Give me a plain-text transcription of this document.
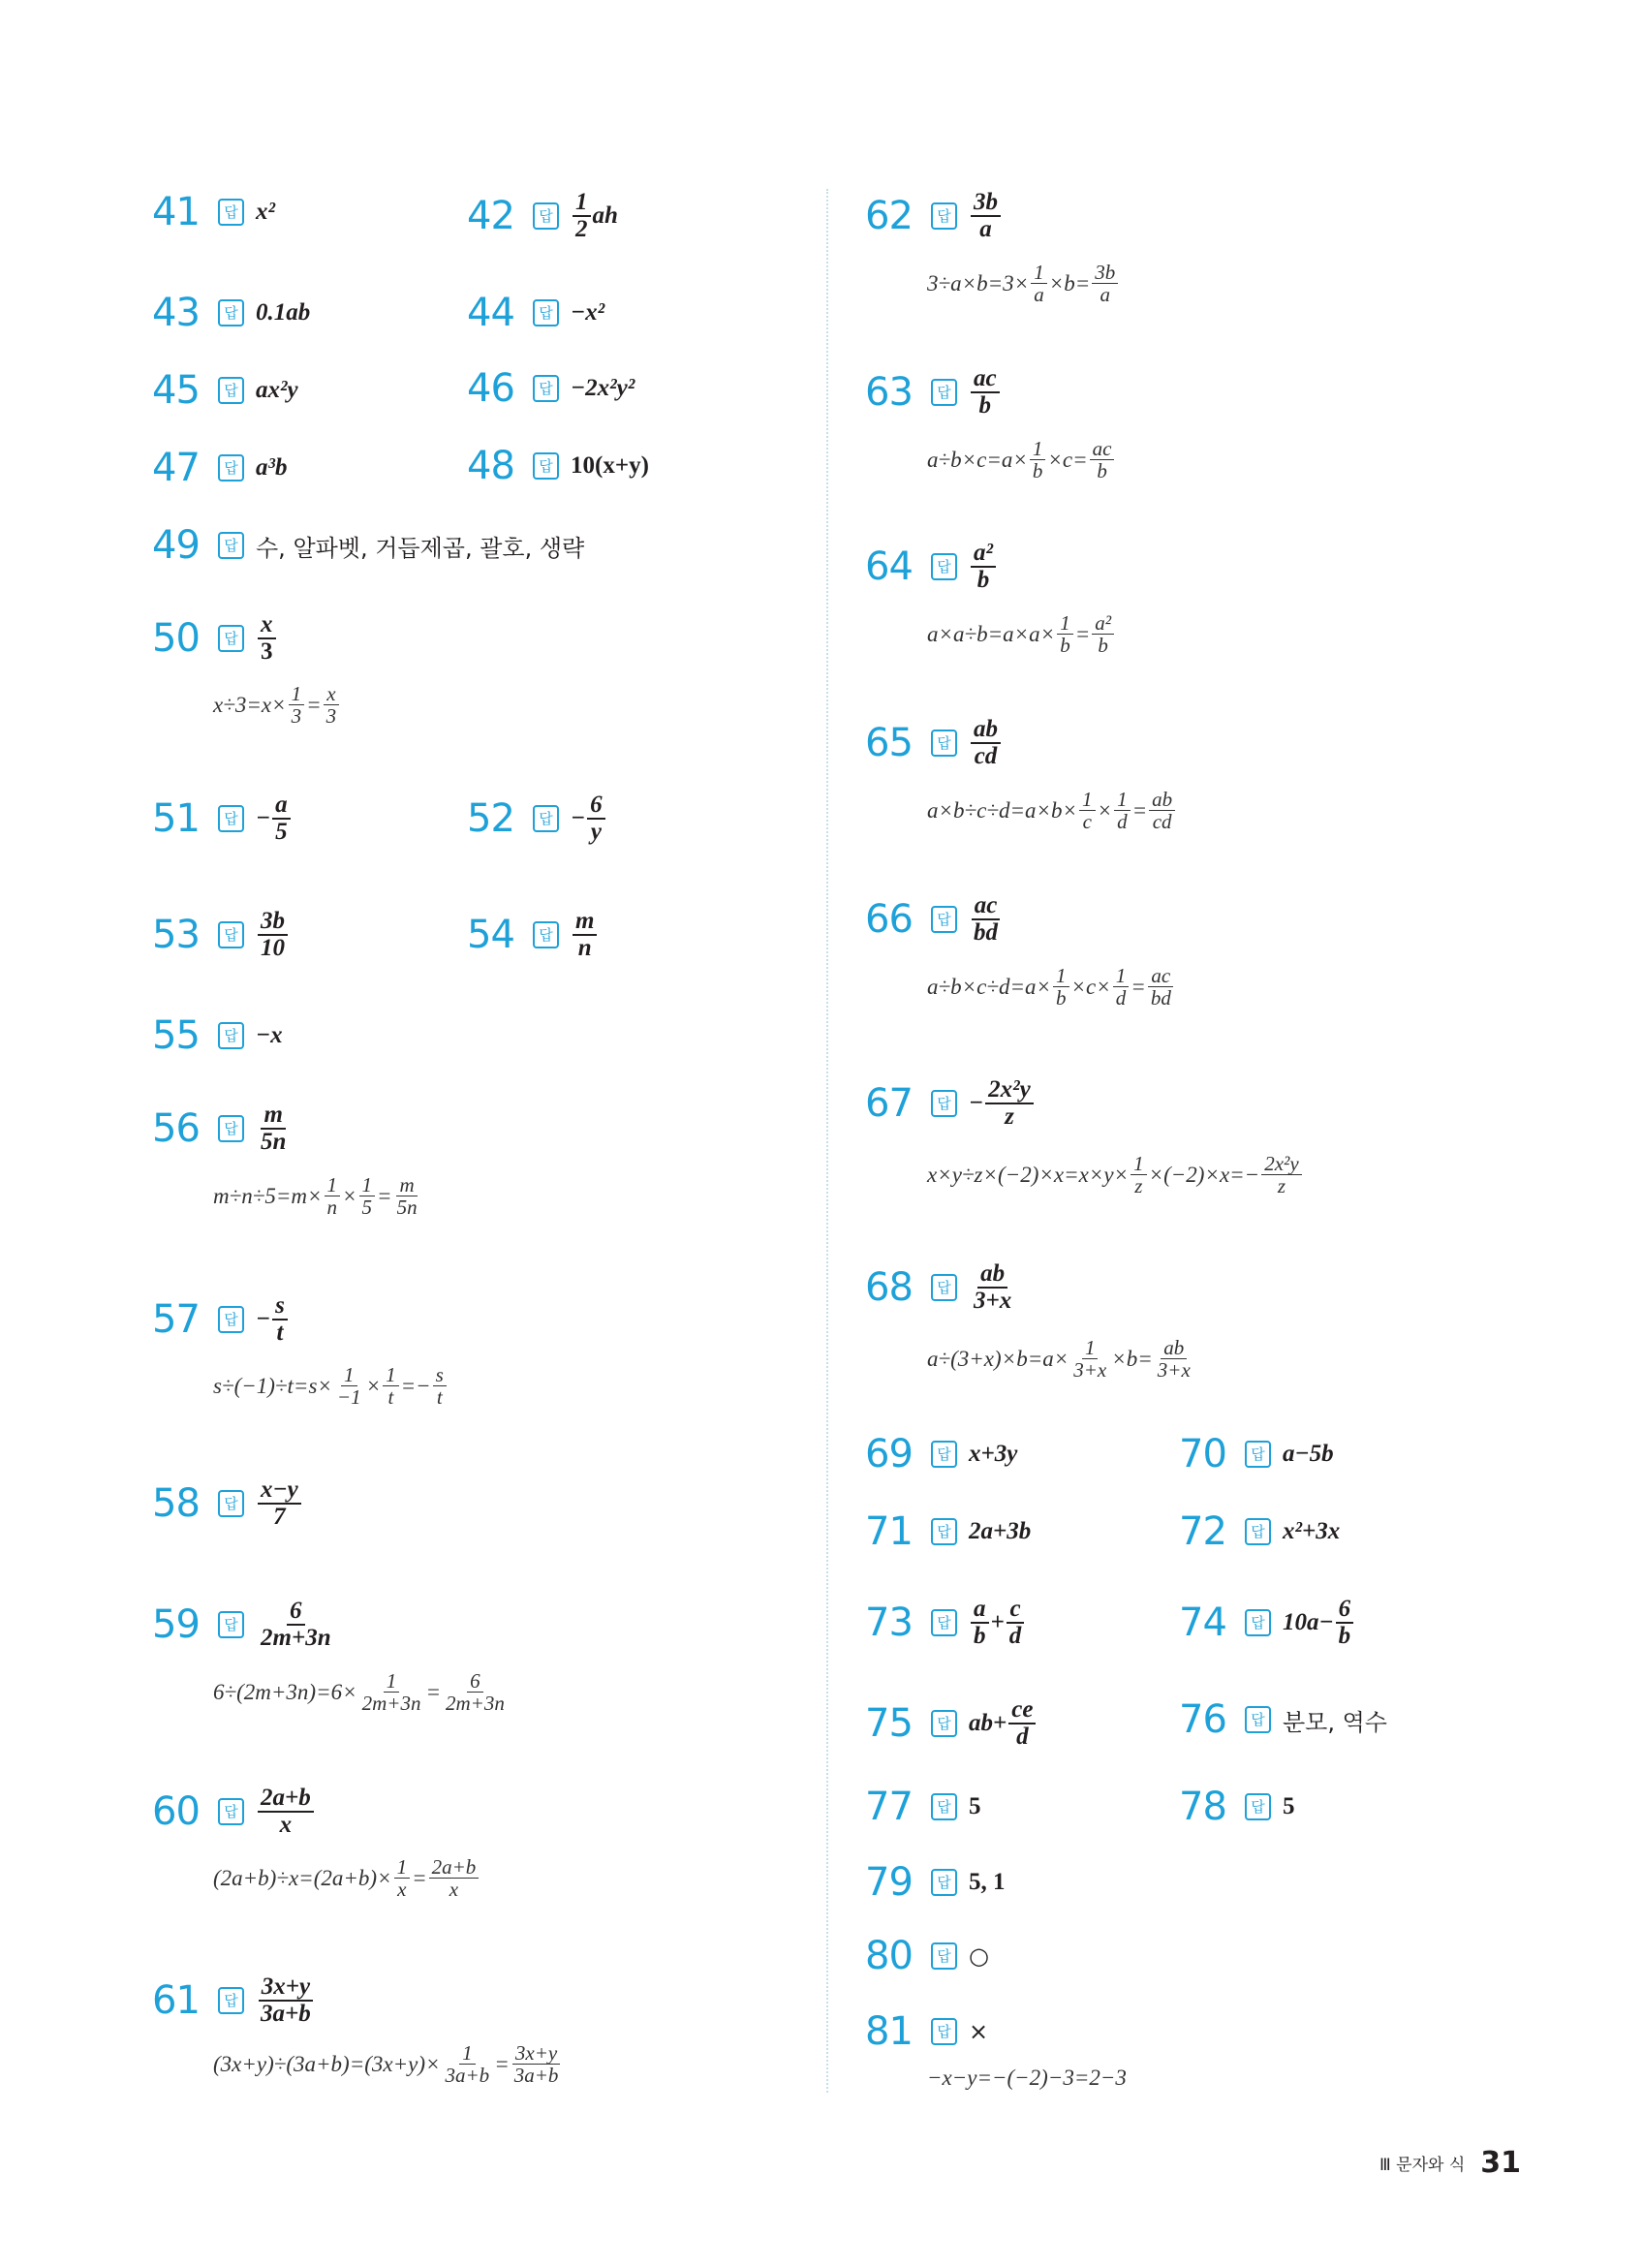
41	답 x²	42	답 $\frac{1}{2}$ ah
43	답 0.1ab	44	답 −x²
45	답 ax²y	46	답 −2x²y²
47	답 a³b	48	답 10(x+y)
49	답 수, 알파벳, 거듭제곱, 괄호, 생략
50	답 $\frac{x}{3}$
$x\div 3=x\times \frac{1}{3} = \frac{x}{3}$
51	답 − $\frac{a}{5}$	52	답 − $\frac{6}{y}$
53	답 $\frac{3b}{10}$	54	답 $\frac{m}{n}$
55	답 −x
56	답 $\frac{m}{5n}$
$m\div n\div 5=m\times \frac{1}{n} \times \frac{1}{5} = \frac{m}{5n}$
57	답 − $\frac{s}{t}$
$s\div(-1)\div t=s\times \frac{1}{-1} \times \frac{1}{t} =- \frac{s}{t}$
58	답 $\frac{x-y}{7}$
59	답 $\frac{6}{2m+3n}$
$6\div(2m+3n)=6\times \frac{1}{2m+3n} = \frac{6}{2m+3n}$
60	답 $\frac{2a+b}{x}$
$(2a+b)\div x=(2a+b)\times \frac{1}{x} = \frac{2a+b}{x}$
61	답 $\frac{3x+y}{3a+b}$
$(3x+y)\div(3a+b)=(3x+y)\times \frac{1}{3a+b} = \frac{3x+y}{3a+b}$
62	답 $\frac{3b}{a}$
$3\div a\times b=3\times \frac{1}{a} \times b= \frac{3b}{a}$
63	답 $\frac{ac}{b}$
$a\div b\times c=a\times \frac{1}{b} \times c= \frac{ac}{b}$
64	답 $\frac{\text{a²}}{b}$
$a\times a\div b=a\times a\times \frac{1}{b} = \frac{\text{a²}}{b}$
65	답 $\frac{ab}{cd}$
$a\times b\div c\div d=a\times b\times \frac{1}{c} \times \frac{1}{d} = \frac{ab}{cd}$
66	답 $\frac{ac}{bd}$
$a\div b\times c\div d=a\times \frac{1}{b} \times c\times \frac{1}{d} = \frac{ac}{bd}$
67	답 − $\frac{\text{2x²y}}{z}$
$x\times y\div z\times(-2)\times x=x\times y\times \frac{1}{z} \times(-2)\times x=- \frac{\text{2x²y}}{z}$
68	답 $\frac{ab}{3+x}$
$a\div(3+x)\times b=a\times \frac{1}{3+x} \times b= \frac{ab}{3+x}$
69	답 x+3y	70	답 a−5b
71	답 2a+3b	72	답 x²+3x
73	답 $\frac{a}{b} + \frac{c}{d}$	74	답 $10a- \frac{6}{b}$
75	답 $ab+ \frac{ce}{d}$	76	답 분모, 역수
77	답 5	78	답 5
79	답 5, 1
80	답 ○
81	답 ×
−x−y=−(−2)−3=2−3
Ⅲ 문자와 식 31
